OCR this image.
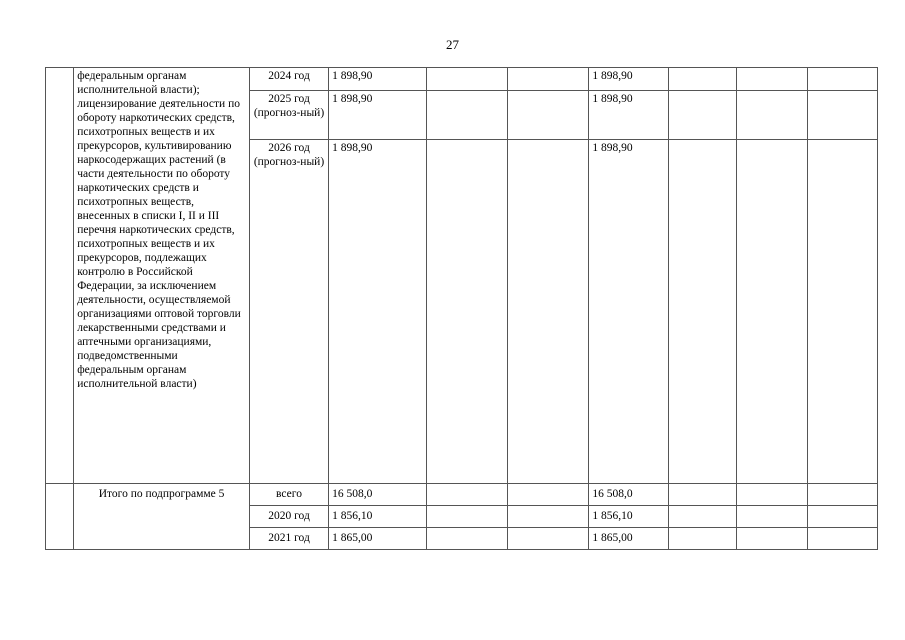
27
	федеральным органам исполнительной власти); лицензирование деятельности по обороту наркотических средств, психотропных веществ и их прекурсоров, культивированию наркосодержащих растений (в части деятельности по обороту наркотических средств и психотропных веществ, внесенных в списки I, II и III перечня наркотических средств, психотропных веществ и их прекурсоров, подлежащих контролю в Российской Федерации, за исключением деятельности, осуществляемой организациями оптовой торговли лекарственными средствами и аптечными организациями, подведомственными федеральным органам исполнительной власти)	2024 год	1 898,90			1 898,90			
		2025 год (прогноз-ный)	1 898,90			1 898,90			
		2026 год (прогноз-ный)	1 898,90			1 898,90			
	Итого по подпрограмме 5	всего	16 508,0			16 508,0			
		2020 год	1 856,10			1 856,10			
		2021 год	1 865,00			1 865,00			
